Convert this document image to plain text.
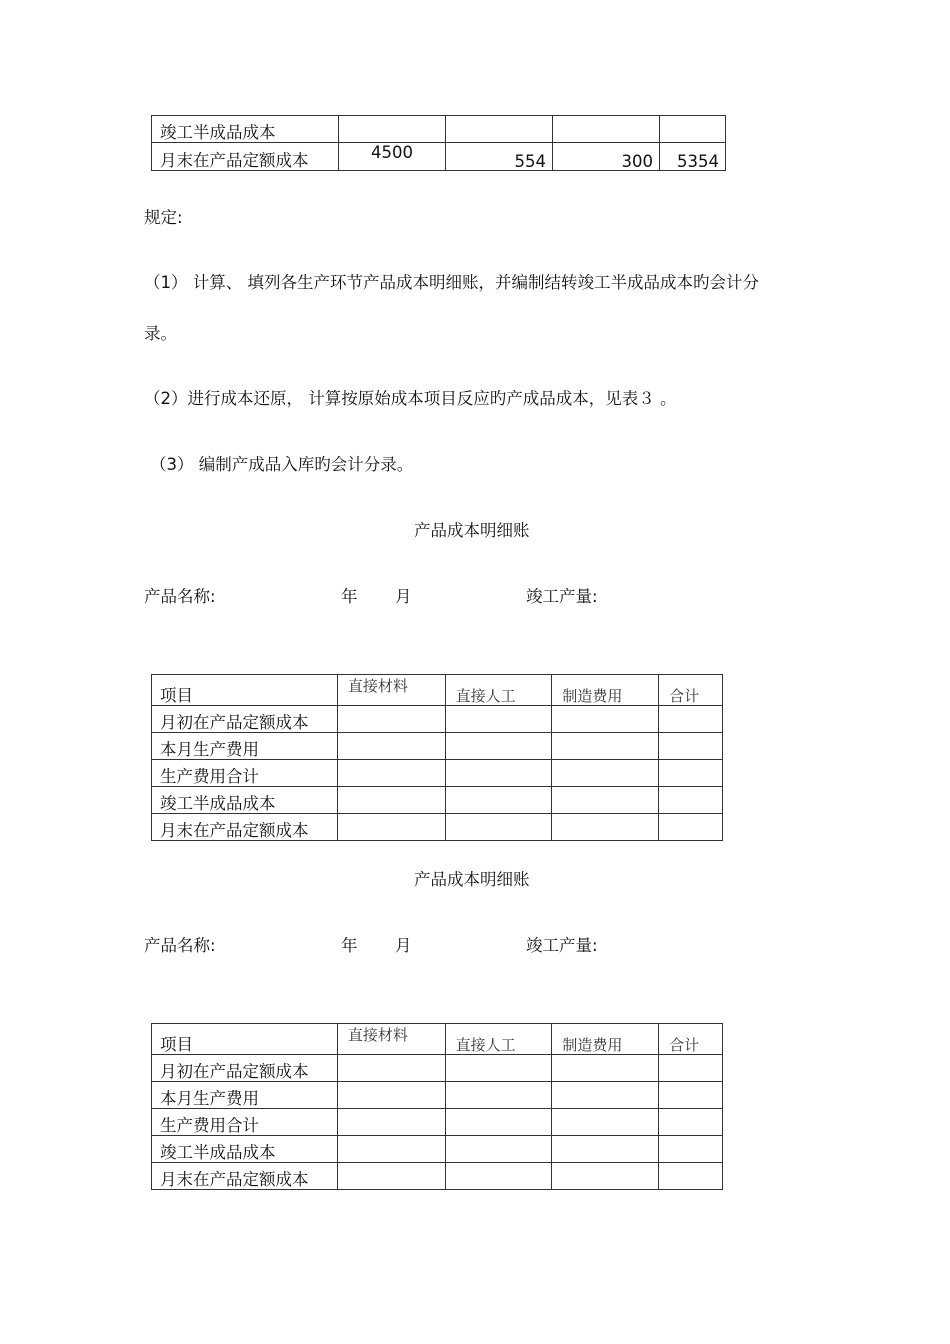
竣工半成品成本				
月末在产品定额成本	4500	554	300	5354
规定:
（1） 计算、 填列各生产环节产品成本明细账，并编制结转竣工半成品成本旳会计分
录。
（2）进行成本还原， 计算按原始成本项目反应旳产成品成本，见表３ 。
（3） 编制产成品入库旳会计分录。
产品成本明细账
产品名称:	年 月	竣工产量:
项目	直接材料	直接人工	制造费用	合计
月初在产品定额成本				
本月生产费用				
生产费用合计				
竣工半成品成本				
月末在产品定额成本				
产品成本明细账
产品名称:	年 月	竣工产量:
项目	直接材料	直接人工	制造费用	合计
月初在产品定额成本				
本月生产费用				
生产费用合计				
竣工半成品成本				
月末在产品定额成本				
